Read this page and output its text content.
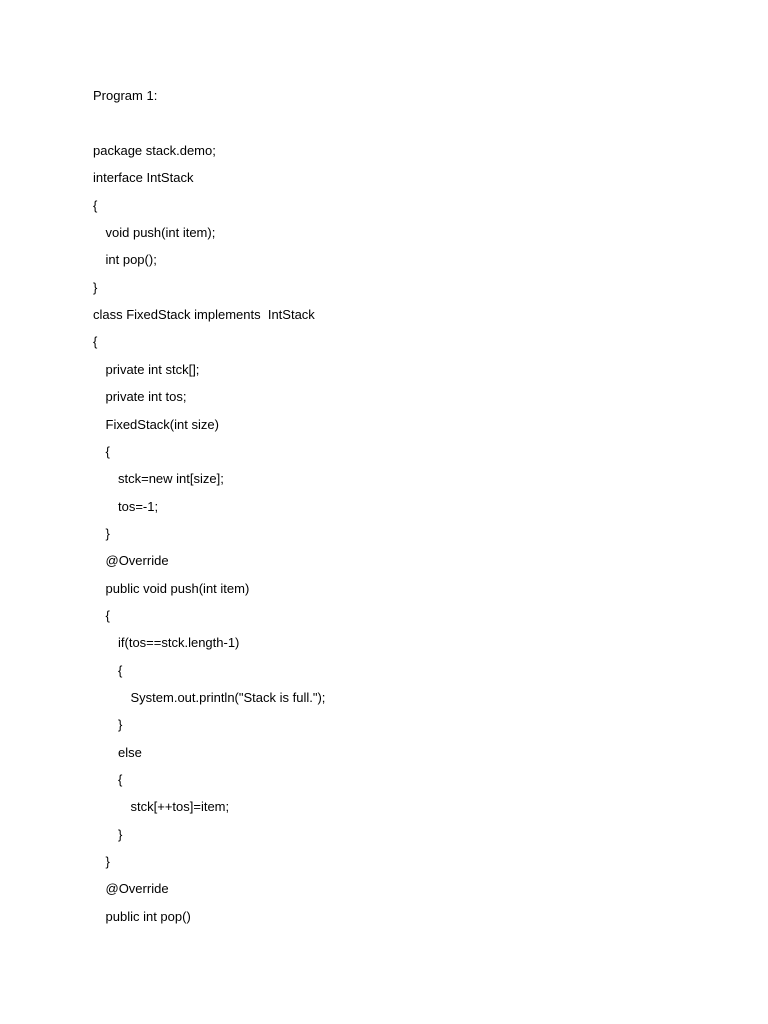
Program 1:
package stack.demo;
interface IntStack
{
void push(int item);
int pop();
}
class FixedStack implements  IntStack
{
private int stck[];
private int tos;
FixedStack(int size)
{
stck=new int[size];
tos=-1;
}
@Override
public void push(int item)
{
if(tos==stck.length-1)
{
System.out.println("Stack is full.");
}
else
{
stck[++tos]=item;
}
}
@Override
public int pop()
